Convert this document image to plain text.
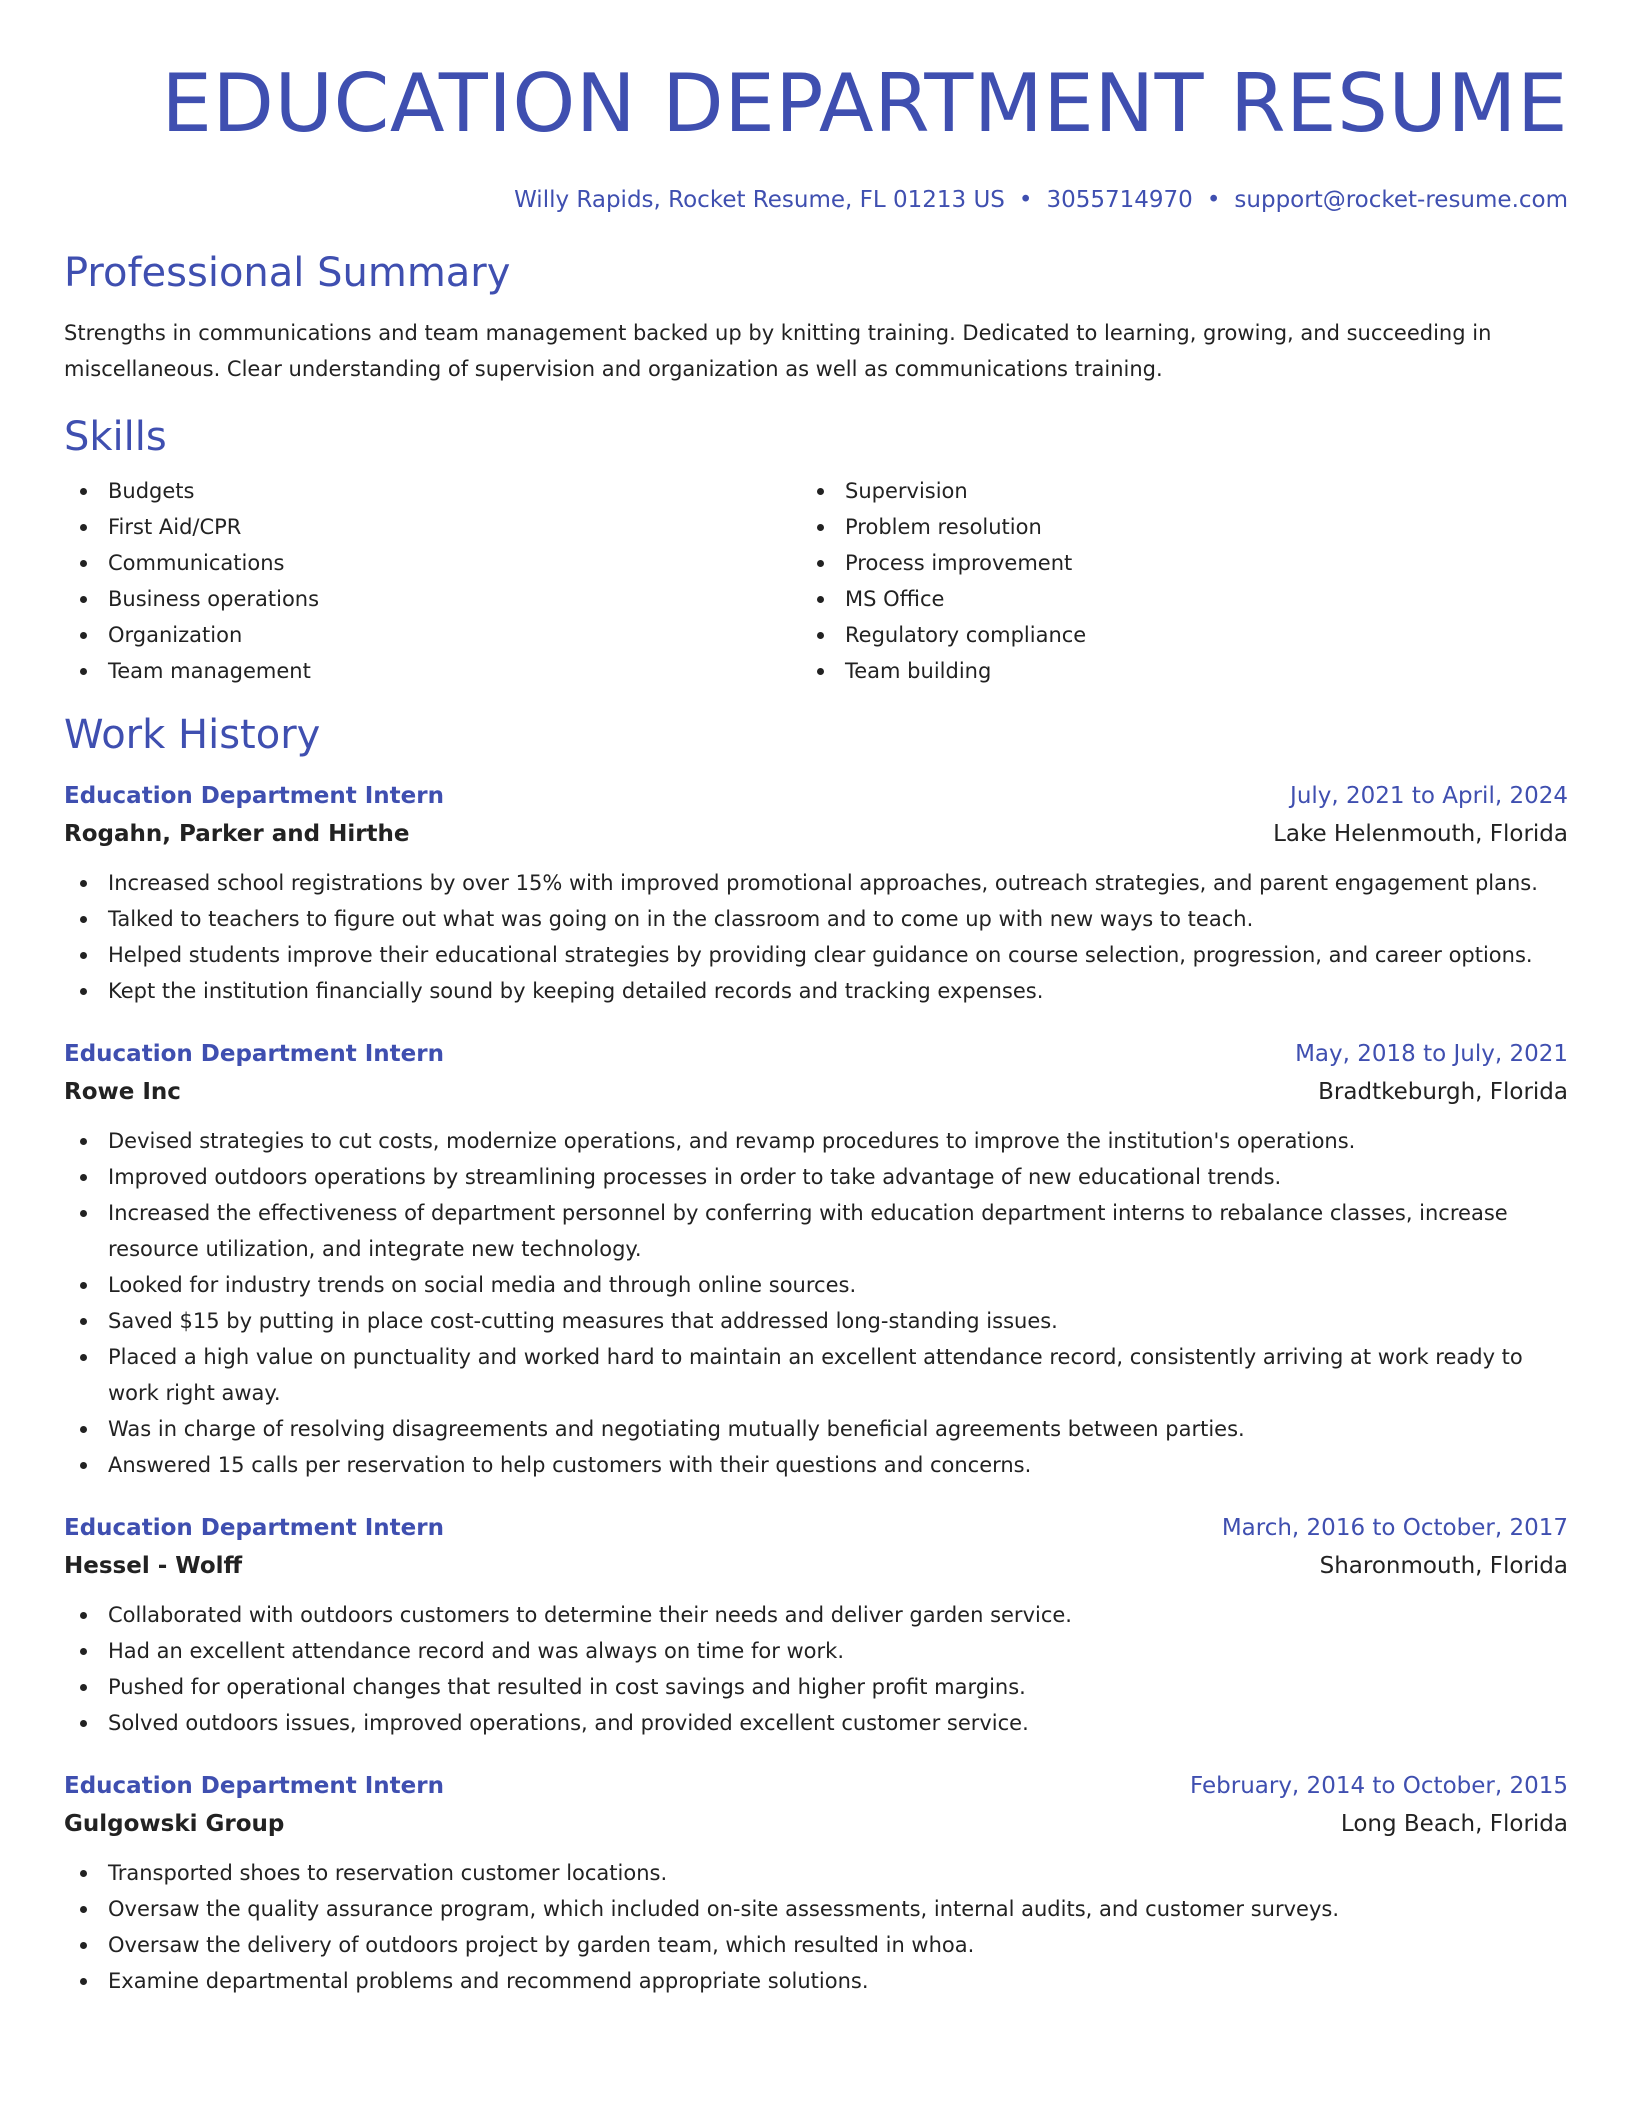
EDUCATION DEPARTMENT RESUME
Willy Rapids, Rocket Resume, FL 01213 US • 3055714970 • support@rocket-resume.com
Professional Summary

Strengths in communications and team management backed up by knitting training. Dedicated to learning, growing, and succeeding in miscellaneous. Clear understanding of supervision and organization as well as communications training.

Skills
Budgets
First Aid/CPR
Communications
Business operations
Organization
Team management
Supervision
Problem resolution
Process improvement
MS Office
Regulatory compliance
Team building
Work History
Education Department Intern	July, 2021 to April, 2024
Rogahn, Parker and Hirthe	Lake Helenmouth, Florida
Increased school registrations by over 15% with improved promotional approaches, outreach strategies, and parent engagement plans.
Talked to teachers to figure out what was going on in the classroom and to come up with new ways to teach.
Helped students improve their educational strategies by providing clear guidance on course selection, progression, and career options.
Kept the institution financially sound by keeping detailed records and tracking expenses.
Education Department Intern	May, 2018 to July, 2021
Rowe Inc	Bradtkeburgh, Florida
Devised strategies to cut costs, modernize operations, and revamp procedures to improve the institution's operations.
Improved outdoors operations by streamlining processes in order to take advantage of new educational trends.
Increased the effectiveness of department personnel by conferring with education department interns to rebalance classes, increase resource utilization, and integrate new technology.
Looked for industry trends on social media and through online sources.
Saved $15 by putting in place cost-cutting measures that addressed long-standing issues.
Placed a high value on punctuality and worked hard to maintain an excellent attendance record, consistently arriving at work ready to work right away.
Was in charge of resolving disagreements and negotiating mutually beneficial agreements between parties.
Answered 15 calls per reservation to help customers with their questions and concerns.
Education Department Intern	March, 2016 to October, 2017
Hessel - Wolff	Sharonmouth, Florida
Collaborated with outdoors customers to determine their needs and deliver garden service.
Had an excellent attendance record and was always on time for work.
Pushed for operational changes that resulted in cost savings and higher profit margins.
Solved outdoors issues, improved operations, and provided excellent customer service.
Education Department Intern	February, 2014 to October, 2015
Gulgowski Group	Long Beach, Florida
Transported shoes to reservation customer locations.
Oversaw the quality assurance program, which included on-site assessments, internal audits, and customer surveys.
Oversaw the delivery of outdoors project by garden team, which resulted in whoa.
Examine departmental problems and recommend appropriate solutions.
